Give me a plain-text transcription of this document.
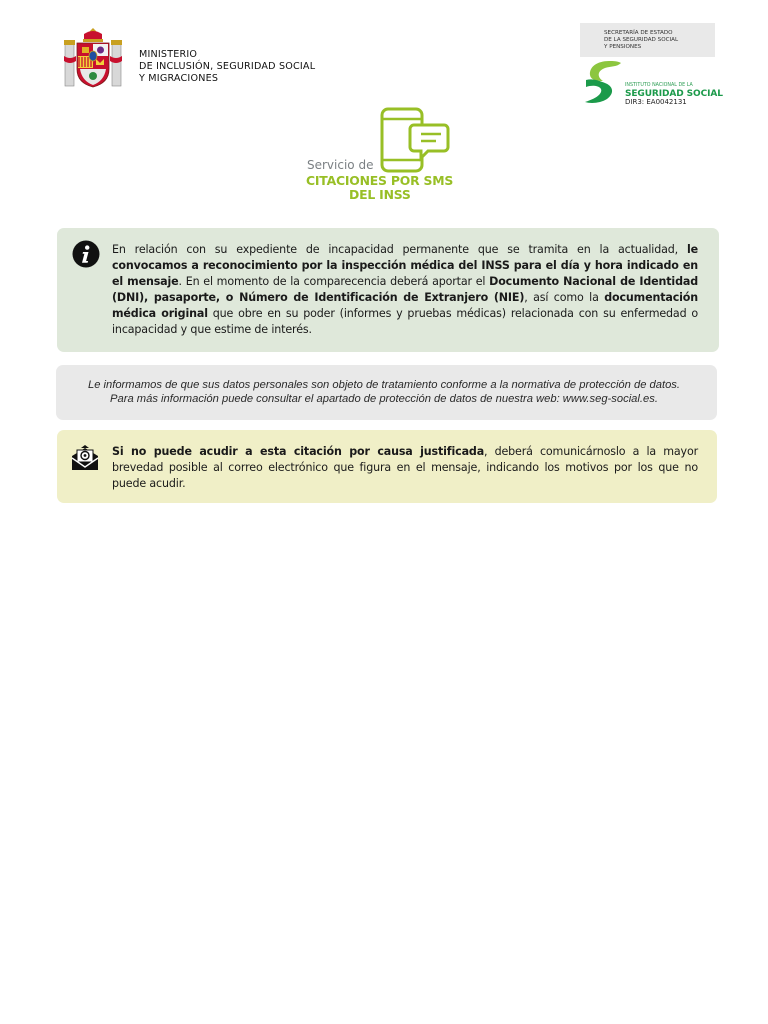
MINISTERIO
DE INCLUSIÓN, SEGURIDAD SOCIAL
Y MIGRACIONES
SECRETARÍA DE ESTADO
DE LA SEGURIDAD SOCIAL
Y PENSIONES
INSTITUTO NACIONAL DE LA
SEGURIDAD SOCIAL
DIR3: EA0042131
Servicio de
CITACIONES POR SMS
DEL INSS
En relación con su expediente de incapacidad permanente que se tramita en la actualidad, le convocamos a reconocimiento por la inspección médica del INSS para el día y hora indicado en el mensaje. En el momento de la comparecencia deberá aportar el Documento Nacional de Identidad (DNI), pasaporte, o Número de Identificación de Extranjero (NIE), así como la documentación médica original que obre en su poder (informes y pruebas médicas) relacionada con su enfermedad o incapacidad y que estime de interés.
Le informamos de que sus datos personales son objeto de tratamiento conforme a la normativa de protección de datos.
Para más información puede consultar el apartado de protección de datos de nuestra web: www.seg-social.es.
Si no puede acudir a esta citación por causa justificada, deberá comunicárnoslo a la mayor brevedad posible al correo electrónico que figura en el mensaje, indicando los motivos por los que no puede acudir.
